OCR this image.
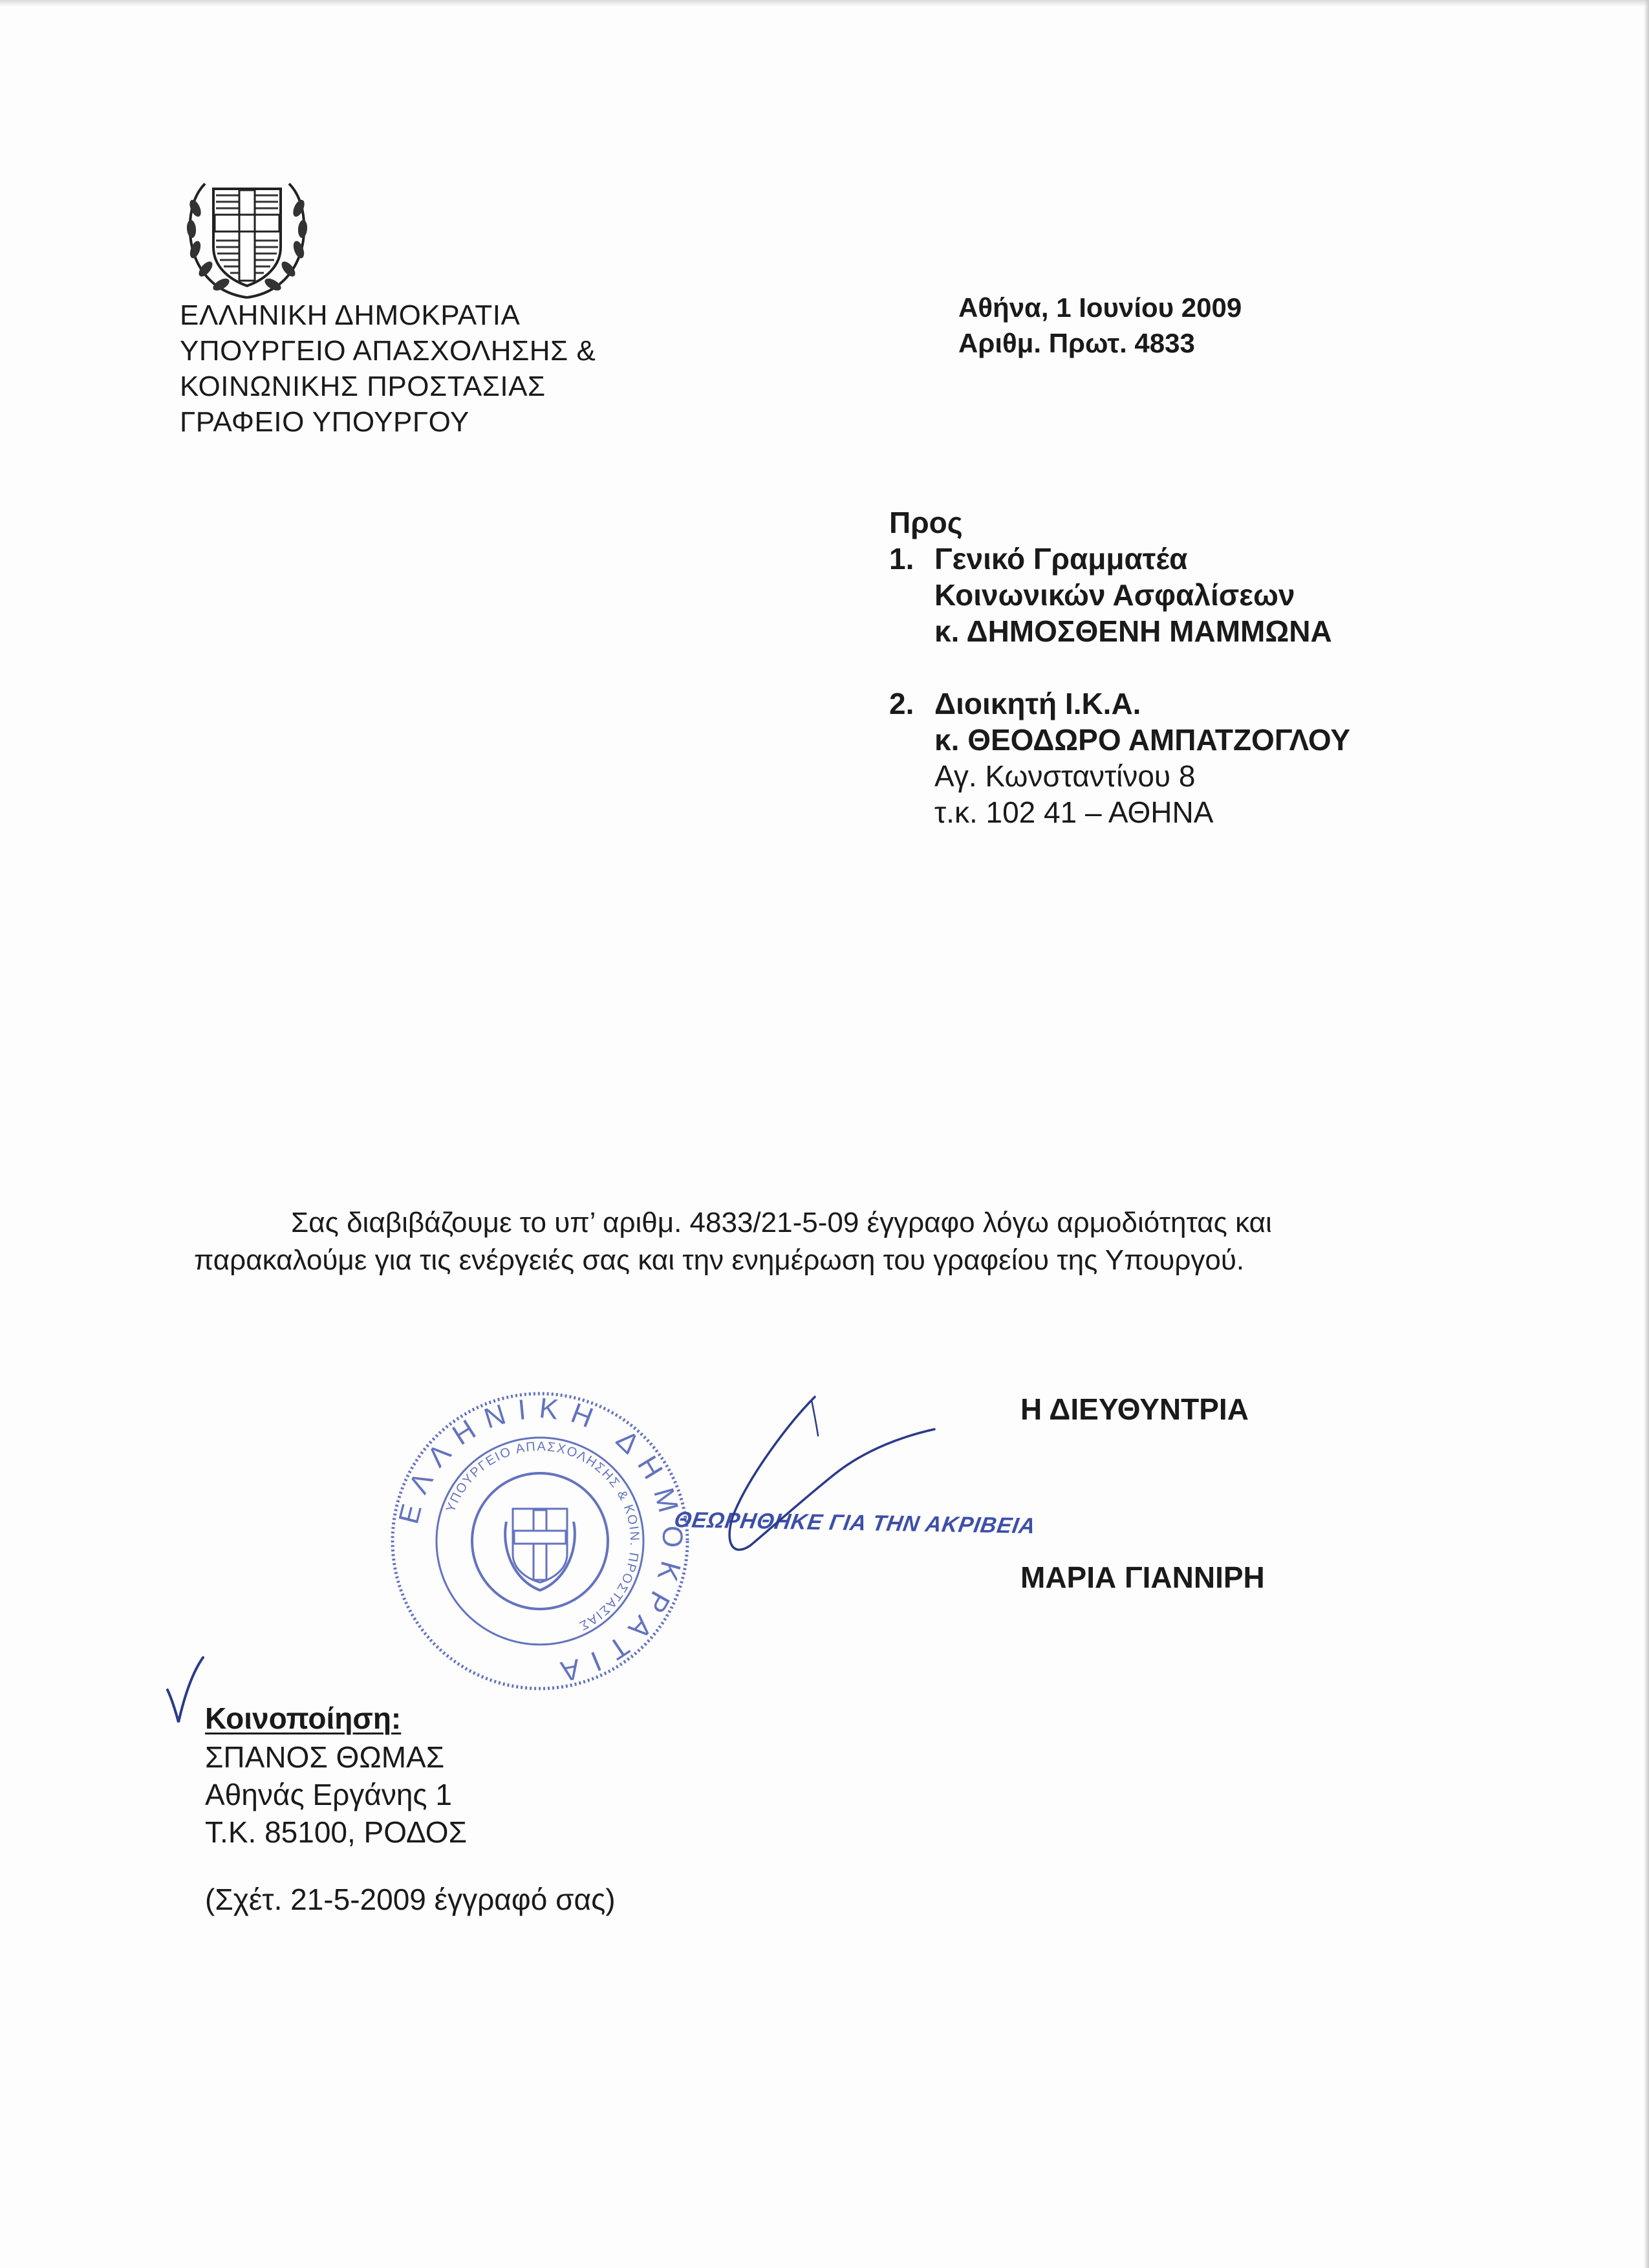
ΕΛΛΗΝΙΚΗ ΔΗΜΟΚΡΑΤΙΑ
ΥΠΟΥΡΓΕΙΟ ΑΠΑΣΧΟΛΗΣΗΣ &
ΚΟΙΝΩΝΙΚΗΣ ΠΡΟΣΤΑΣΙΑΣ
ΓΡΑΦΕΙΟ ΥΠΟΥΡΓΟΥ
Αθήνα, 1 Ιουνίου 2009
Αριθμ. Πρωτ. 4833
Προς
1. Γενικό Γραμματέα
Κοινωνικών Ασφαλίσεων
κ. ΔΗΜΟΣΘΕΝΗ ΜΑΜΜΩΝΑ
2. Διοικητή Ι.Κ.Α.
κ. ΘΕΟΔΩΡΟ ΑΜΠΑΤΖΟΓΛΟΥ
Αγ. Κωνσταντίνου 8
τ.κ. 102 41 – ΑΘΗΝΑ
Σας διαβιβάζουμε το υπ’ αριθμ. 4833/21-5-09 έγγραφο λόγω αρμοδιότητας και
παρακαλούμε για τις ενέργειές σας και την ενημέρωση του γραφείου της Υπουργού.
Η ΔΙΕΥΘΥΝΤΡΙΑ
ΕΛΛΗΝΙΚΗ ΔΗΜΟΚΡΑΤΙΑ
ΥΠΟΥΡΓΕΙΟ ΑΠΑΣΧΟΛΗΣΗΣ & ΚΟΙΝ. ΠΡΟΣΤΑΣΙΑΣ
ΘΕΩΡΗΘΗΚΕ ΓΙΑ ΤΗΝ ΑΚΡΙΒΕΙΑ
ΜΑΡΙΑ ΓΙΑΝΝΙΡΗ
Κοινοποίηση:
ΣΠΑΝΟΣ ΘΩΜΑΣ
Αθηνάς Εργάνης 1
Τ.Κ. 85100, ΡΟΔΟΣ
(Σχέτ. 21-5-2009 έγγραφό σας)
